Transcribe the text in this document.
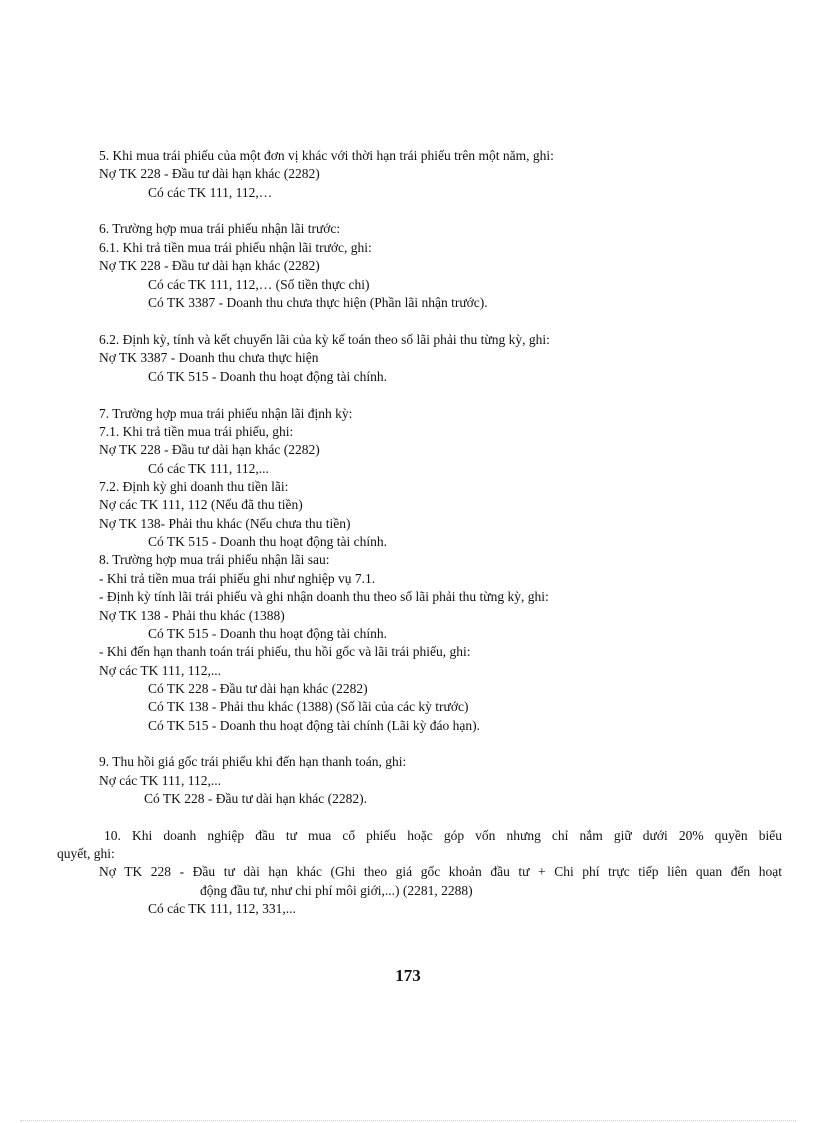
5. Khi mua trái phiếu của một đơn vị khác với thời hạn trái phiếu trên một năm, ghi:
Nợ TK 228 - Đầu tư dài hạn khác (2282)
Có các TK 111, 112,…
6. Trường hợp mua trái phiếu nhận lãi trước:
6.1. Khi trả tiền mua trái phiếu nhận lãi trước, ghi:
Nợ TK 228 - Đầu tư dài hạn khác (2282)
Có các TK 111, 112,… (Số tiền thực chi)
Có TK 3387 - Doanh thu chưa thực hiện (Phần lãi nhận trước).
6.2. Định kỳ, tính và kết chuyển lãi của kỳ kế toán theo số lãi phải thu từng kỳ, ghi:
Nợ TK 3387 - Doanh thu chưa thực hiện
Có TK 515 - Doanh thu hoạt động tài chính.
7. Trường hợp mua trái phiếu nhận lãi định kỳ:
7.1. Khi trả tiền mua trái phiếu, ghi:
Nợ TK 228 - Đầu tư dài hạn khác (2282)
Có các TK 111, 112,...
7.2. Định kỳ ghi doanh thu tiền lãi:
Nợ các TK 111, 112 (Nếu đã thu tiền)
Nợ TK 138- Phải thu khác (Nếu chưa thu tiền)
Có TK 515 - Doanh thu hoạt động tài chính.
8. Trường hợp mua trái phiếu nhận lãi sau:
- Khi trả tiền mua trái phiếu ghi như nghiệp vụ 7.1.
- Định kỳ tính lãi trái phiếu và ghi nhận doanh thu theo số lãi phải thu từng kỳ, ghi:
Nợ TK 138 - Phải thu khác (1388)
Có TK 515 - Doanh thu hoạt động tài chính.
- Khi đến hạn thanh toán trái phiếu, thu hồi gốc và lãi trái phiếu, ghi:
Nợ các TK 111, 112,...
Có TK 228 - Đầu tư dài hạn khác (2282)
Có TK 138 - Phải thu khác (1388) (Số lãi của các kỳ trước)
Có TK 515 - Doanh thu hoạt động tài chính (Lãi kỳ đáo hạn).
9. Thu hồi giá gốc trái phiếu khi đến hạn thanh toán, ghi:
Nợ các TK 111, 112,...
Có TK 228 - Đầu tư dài hạn khác (2282).
10. Khi doanh nghiệp đầu tư mua cổ phiếu hoặc góp vốn nhưng chỉ nắm giữ dưới 20% quyền biểu
quyết, ghi:
Nợ TK 228 - Đầu tư dài hạn khác (Ghi theo giá gốc khoản đầu tư + Chi phí trực tiếp liên quan đến hoạt
động đầu tư, như chi phí môi giới,...) (2281, 2288)
Có các TK 111, 112, 331,...
173
